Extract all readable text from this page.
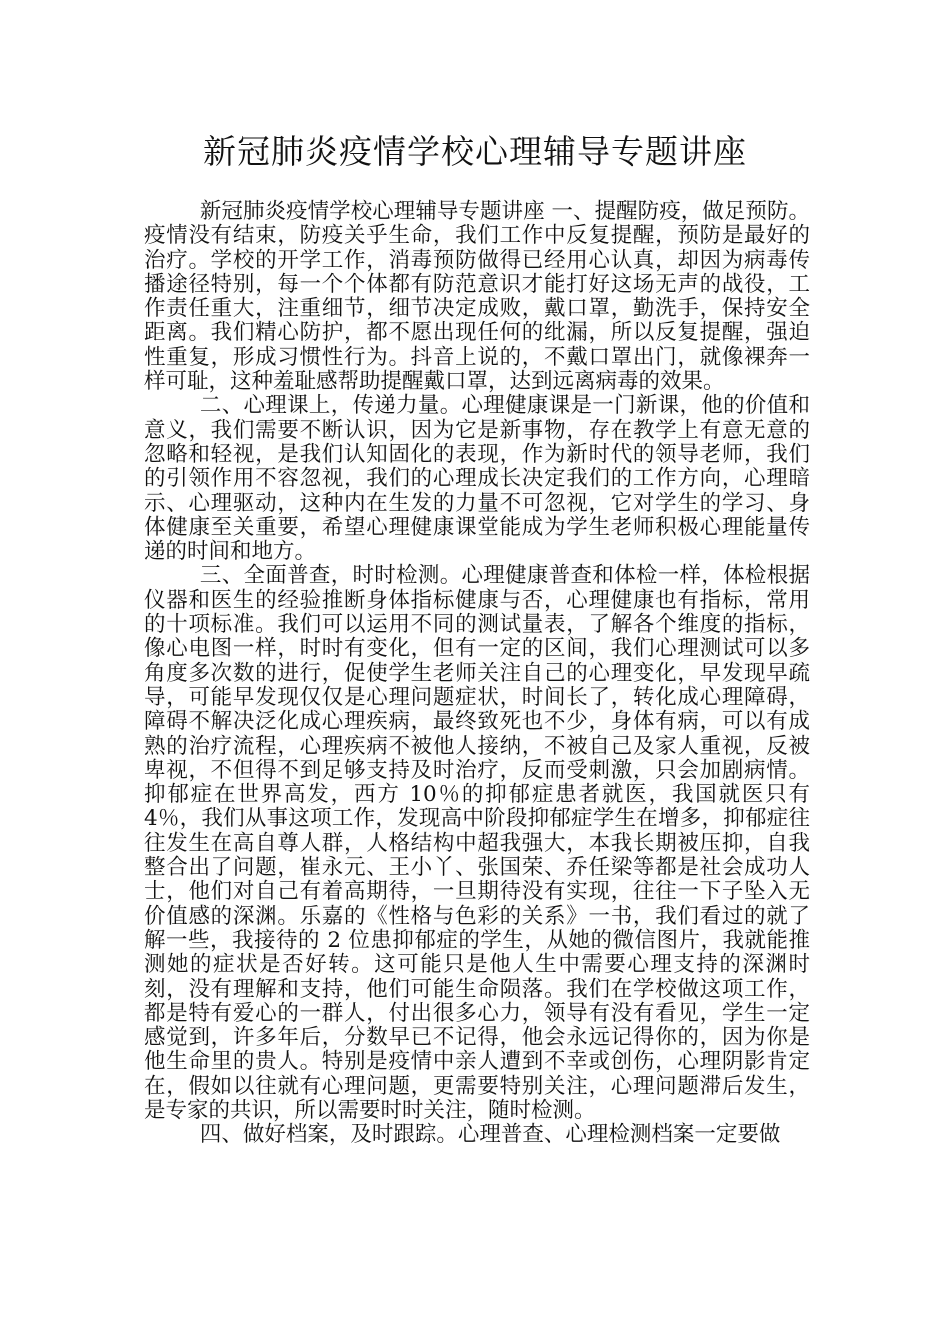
新冠肺炎疫情学校心理辅导专题讲座

新冠肺炎疫情学校心理辅导专题讲座 一、提醒防疫，做足预防。疫情没有结束，防疫关乎生命，我们工作中反复提醒，预防是最好的治疗。学校的开学工作，消毒预防做得已经用心认真，却因为病毒传播途径特别，每一个个体都有防范意识才能打好这场无声的战役，工作责任重大，注重细节，细节决定成败，戴口罩，勤洗手，保持安全距离。我们精心防护，都不愿出现任何的纰漏，所以反复提醒，强迫性重复，形成习惯性行为。抖音上说的，不戴口罩出门，就像裸奔一样可耻，这种羞耻感帮助提醒戴口罩，达到远离病毒的效果。

二、心理课上，传递力量。心理健康课是一门新课，他的价值和意义，我们需要不断认识，因为它是新事物，存在教学上有意无意的忽略和轻视，是我们认知固化的表现，作为新时代的领导老师，我们的引领作用不容忽视，我们的心理成长决定我们的工作方向，心理暗示、心理驱动，这种内在生发的力量不可忽视，它对学生的学习、身体健康至关重要，希望心理健康课堂能成为学生老师积极心理能量传递的时间和地方。

三、全面普查，时时检测。心理健康普查和体检一样，体检根据仪器和医生的经验推断身体指标健康与否，心理健康也有指标，常用的十项标准。我们可以运用不同的测试量表，了解各个维度的指标，像心电图一样，时时有变化，但有一定的区间，我们心理测试可以多角度多次数的进行，促使学生老师关注自己的心理变化，早发现早疏导，可能早发现仅仅是心理问题症状，时间长了，转化成心理障碍，障碍不解决泛化成心理疾病，最终致死也不少，身体有病，可以有成熟的治疗流程，心理疾病不被他人接纳，不被自己及家人重视，反被卑视，不但得不到足够支持及时治疗，反而受刺激，只会加剧病情。抑郁症在世界高发，西方 10％的抑郁症患者就医，我国就医只有 4％，我们从事这项工作，发现高中阶段抑郁症学生在增多，抑郁症往往发生在高自尊人群，人格结构中超我强大，本我长期被压抑，自我整合出了问题，崔永元、王小丫、张国荣、乔任梁等都是社会成功人士，他们对自己有着高期待，一旦期待没有实现，往往一下子坠入无价值感的深渊。乐嘉的《性格与色彩的关系》一书，我们看过的就了解一些，我接待的 2 位患抑郁症的学生，从她的微信图片，我就能推测她的症状是否好转。这可能只是他人生中需要心理支持的深渊时刻，没有理解和支持，他们可能生命陨落。我们在学校做这项工作，都是特有爱心的一群人，付出很多心力，领导有没有看见，学生一定感觉到，许多年后，分数早已不记得，他会永远记得你的，因为你是他生命里的贵人。特别是疫情中亲人遭到不幸或创伤，心理阴影肯定在，假如以往就有心理问题，更需要特别关注，心理问题滞后发生，是专家的共识，所以需要时时关注，随时检测。

四、做好档案，及时跟踪。心理普查、心理检测档案一定要做
